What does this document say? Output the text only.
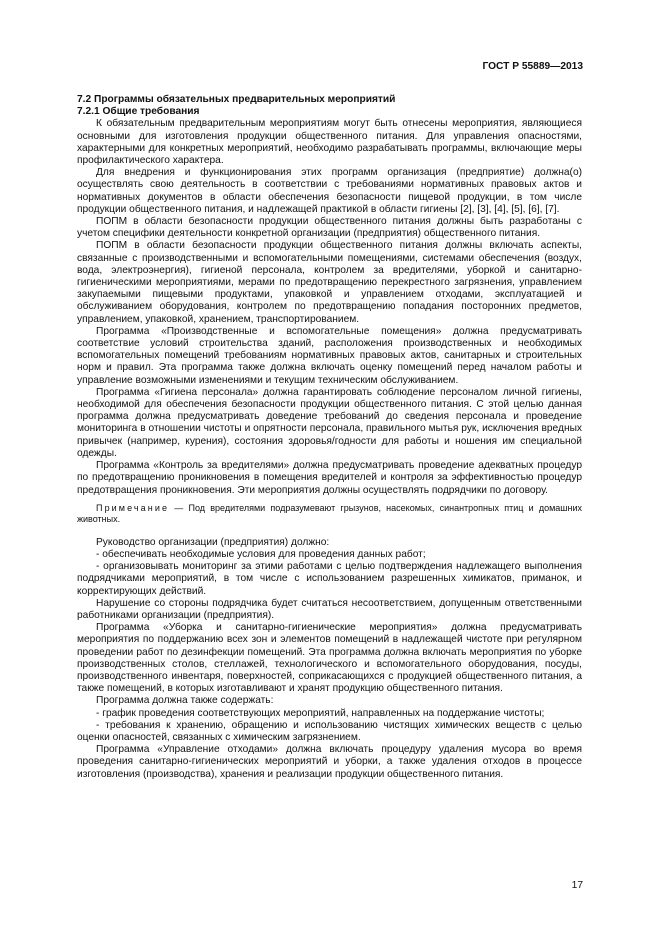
ГОСТ Р 55889—2013

7.2 Программы обязательных предварительных мероприятий

7.2.1 Общие требования

К обязательным предварительным мероприятиям могут быть отнесены мероприятия, являющиеся основными для изготовления продукции общественного питания. Для управления опасностями, характерными для конкретных мероприятий, необходимо разрабатывать программы, включающие меры профилактического характера.

Для внедрения и функционирования этих программ организация (предприятие) должна(о) осуществлять свою деятельность в соответствии с требованиями нормативных правовых актов и нормативных документов в области обеспечения безопасности пищевой продукции, в том числе продукции общественного питания, и надлежащей практикой в области гигиены [2], [3], [4], [5], [6], [7].

ПОПМ в области безопасности продукции общественного питания должны быть разработаны с учетом специфики деятельности конкретной организации (предприятия) общественного питания.

ПОПМ в области безопасности продукции общественного питания должны включать аспекты, связанные с производственными и вспомогательными помещениями, системами обеспечения (воздух, вода, электроэнергия), гигиеной персонала, контролем за вредителями, уборкой и санитарно-гигиеническими мероприятиями, мерами по предотвращению перекрестного загрязнения, управлением закупаемыми пищевыми продуктами, упаковкой и управлением отходами, эксплуатацией и обслуживанием оборудования, контролем по предотвращению попадания посторонних предметов, управлением, упаковкой, хранением, транспортированием.

Программа «Производственные и вспомогательные помещения» должна предусматривать соответствие условий строительства зданий, расположения производственных и необходимых вспомогательных помещений требованиям нормативных правовых актов, санитарных и строительных норм и правил. Эта программа также должна включать оценку помещений перед началом работы и управление возможными изменениями и текущим техническим обслуживанием.

Программа «Гигиена персонала» должна гарантировать соблюдение персоналом личной гигиены, необходимой для обеспечения безопасности продукции общественного питания. С этой целью данная программа должна предусматривать доведение требований до сведения персонала и проведение мониторинга в отношении чистоты и опрятности персонала, правильного мытья рук, исключения вредных привычек (например, курения), состояния здоровья/годности для работы и ношения им специальной одежды.

Программа «Контроль за вредителями» должна предусматривать проведение адекватных процедур по предотвращению проникновения в помещения вредителей и контроля за эффективностью процедур предотвращения проникновения. Эти мероприятия должны осуществлять подрядчики по договору.

Примечание — Под вредителями подразумевают грызунов, насекомых, синантропных птиц и домашних животных.

Руководство организации (предприятия) должно:

- обеспечивать необходимые условия для проведения данных работ;

- организовывать мониторинг за этими работами с целью подтверждения надлежащего выполнения подрядчиками мероприятий, в том числе с использованием разрешенных химикатов, приманок, и корректирующих действий.

Нарушение со стороны подрядчика будет считаться несоответствием, допущенным ответственными работниками организации (предприятия).

Программа «Уборка и санитарно-гигиенические мероприятия» должна предусматривать мероприятия по поддержанию всех зон и элементов помещений в надлежащей чистоте при регулярном проведении работ по дезинфекции помещений. Эта программа должна включать мероприятия по уборке производственных столов, стеллажей, технологического и вспомогательного оборудования, посуды, производственного инвентаря, поверхностей, соприкасающихся с продукцией общественного питания, а также помещений, в которых изготавливают и хранят продукцию общественного питания.

Программа должна также содержать:

- график проведения соответствующих мероприятий, направленных на поддержание чистоты;

- требования к хранению, обращению и использованию чистящих химических веществ с целью оценки опасностей, связанных с химическим загрязнением.

Программа «Управление отходами» должна включать процедуру удаления мусора во время проведения санитарно-гигиенических мероприятий и уборки, а также удаления отходов в процессе изготовления (производства), хранения и реализации продукции общественного питания.

17
